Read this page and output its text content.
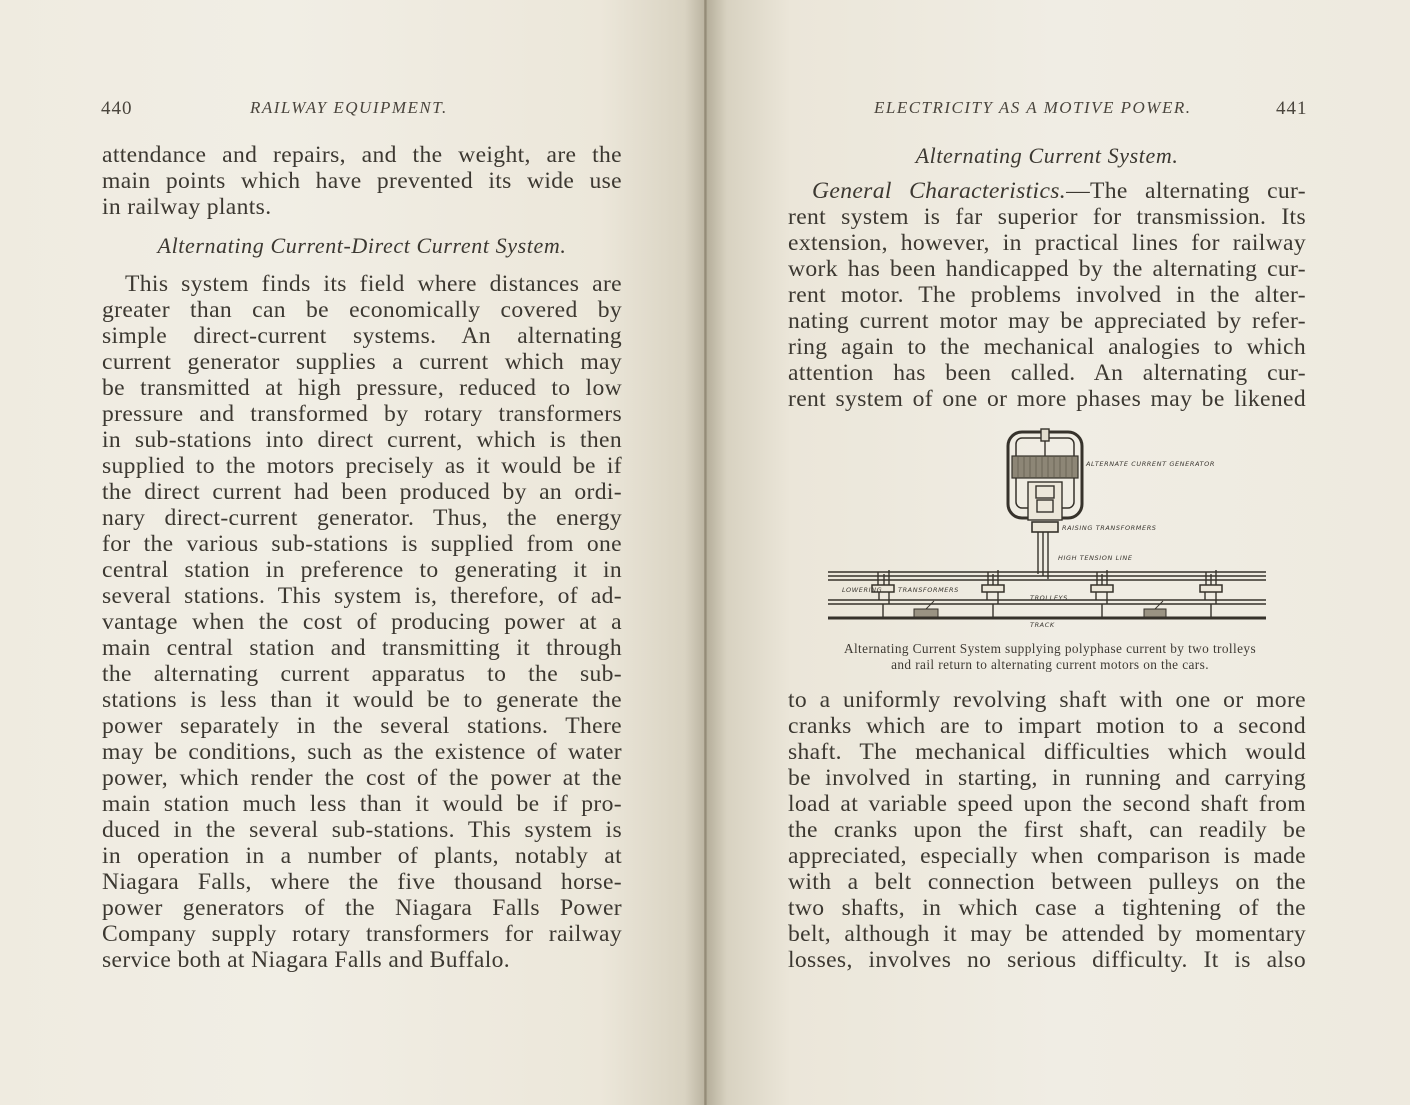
440	RAILWAY EQUIPMENT.
attendance and repairs, and the weight, are the
main points which have prevented its wide use
in railway plants.
Alternating Current-Direct Current System.
This system finds its field where distances are
greater than can be economically covered by
simple direct-current systems. An alternating
current generator supplies a current which may
be transmitted at high pressure, reduced to low
pressure and transformed by rotary transformers
in sub-stations into direct current, which is then
supplied to the motors precisely as it would be if
the direct current had been produced by an ordi-
nary direct-current generator. Thus, the energy
for the various sub-stations is supplied from one
central station in preference to generating it in
several stations. This system is, therefore, of ad-
vantage when the cost of producing power at a
main central station and transmitting it through
the alternating current apparatus to the sub-
stations is less than it would be to generate the
power separately in the several stations. There
may be conditions, such as the existence of water
power, which render the cost of the power at the
main station much less than it would be if pro-
duced in the several sub-stations. This system is
in operation in a number of plants, notably at
Niagara Falls, where the five thousand horse-
power generators of the Niagara Falls Power
Company supply rotary transformers for railway
service both at Niagara Falls and Buffalo.
ELECTRICITY AS A MOTIVE POWER.	441
Alternating Current System.
General Characteristics.—The alternating cur-
rent system is far superior for transmission. Its
extension, however, in practical lines for railway
work has been handicapped by the alternating cur-
rent motor. The problems involved in the alter-
nating current motor may be appreciated by refer-
ring again to the mechanical analogies to which
attention has been called. An alternating cur-
rent system of one or more phases may be likened
ALTERNATE CURRENT GENERATOR
RAISING TRANSFORMERS
HIGH TENSION LINE
LOWERING TRANSFORMERS
TROLLEYS
TRACK
Alternating Current System supplying polyphase current by two trolleys
and rail return to alternating current motors on the cars.
to a uniformly revolving shaft with one or more
cranks which are to impart motion to a second
shaft. The mechanical difficulties which would
be involved in starting, in running and carrying
load at variable speed upon the second shaft from
the cranks upon the first shaft, can readily be
appreciated, especially when comparison is made
with a belt connection between pulleys on the
two shafts, in which case a tightening of the
belt, although it may be attended by momentary
losses, involves no serious difficulty. It is also
